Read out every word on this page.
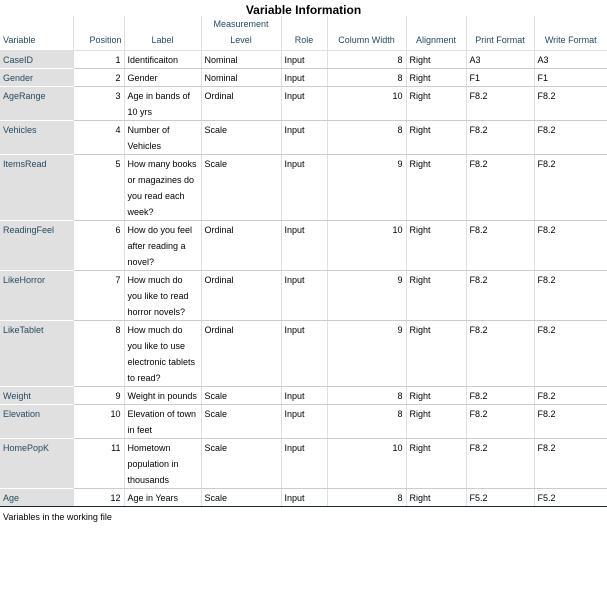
Variable Information
Variable	Position	Label	Measurement
Level	Role	Column Width	Alignment	Print Format	Write Format
CaseID	1	Identificaiton	Nominal	Input	8	Right	A3	A3
Gender	2	Gender	Nominal	Input	8	Right	F1	F1
AgeRange	3	Age in bands of 10 yrs	Ordinal	Input	10	Right	F8.2	F8.2
Vehicles	4	Number of Vehicles	Scale	Input	8	Right	F8.2	F8.2
ItemsRead	5	How many books or magazines do you read each week?	Scale	Input	9	Right	F8.2	F8.2
ReadingFeel	6	How do you feel after reading a novel?	Ordinal	Input	10	Right	F8.2	F8.2
LikeHorror	7	How much do you like to read horror novels?	Ordinal	Input	9	Right	F8.2	F8.2
LikeTablet	8	How much do you like to use electronic tablets to read?	Ordinal	Input	9	Right	F8.2	F8.2
Weight	9	Weight in pounds	Scale	Input	8	Right	F8.2	F8.2
Elevation	10	Elevation of town in feet	Scale	Input	8	Right	F8.2	F8.2
HomePopK	11	Hometown population in thousands	Scale	Input	10	Right	F8.2	F8.2
Age	12	Age in Years	Scale	Input	8	Right	F5.2	F5.2
Variables in the working file
